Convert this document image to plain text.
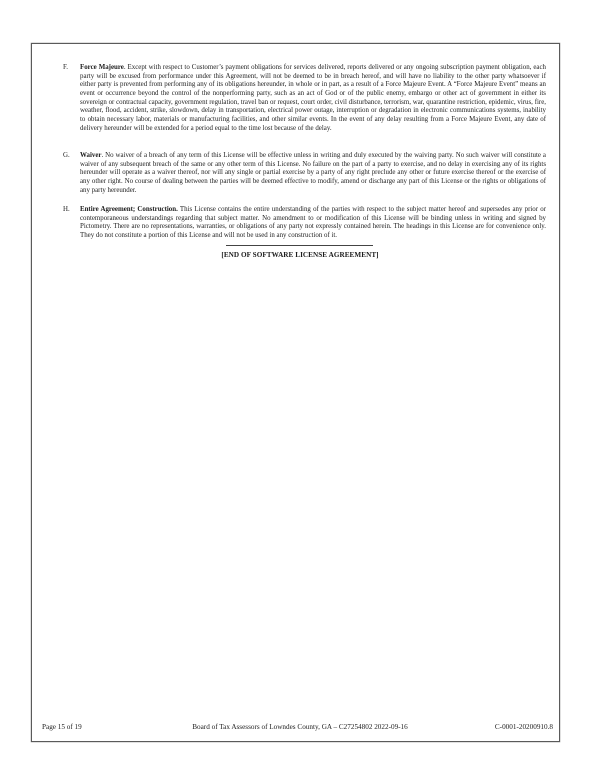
F.	Force Majeure. Except with respect to Customer’s payment obligations for services delivered, reports delivered or any ongoing subscription payment obligation, each party will be excused from performance under this Agreement, will not be deemed to be in breach hereof, and will have no liability to the other party whatsoever if either party is prevented from performing any of its obligations hereunder, in whole or in part, as a result of a Force Majeure Event. A “Force Majeure Event” means an event or occurrence beyond the control of the nonperforming party, such as an act of God or of the public enemy, embargo or other act of government in either its sovereign or contractual capacity, government regulation, travel ban or request, court order, civil disturbance, terrorism, war, quarantine restriction, epidemic, virus, fire, weather, flood, accident, strike, slowdown, delay in transportation, electrical power outage, interruption or degradation in electronic communications systems, inability to obtain necessary labor, materials or manufacturing facilities, and other similar events. In the event of any delay resulting from a Force Majeure Event, any date of delivery hereunder will be extended for a period equal to the time lost because of the delay.
G.	Waiver. No waiver of a breach of any term of this License will be effective unless in writing and duly executed by the waiving party. No such waiver will constitute a waiver of any subsequent breach of the same or any other term of this License. No failure on the part of a party to exercise, and no delay in exercising any of its rights hereunder will operate as a waiver thereof, nor will any single or partial exercise by a party of any right preclude any other or future exercise thereof or the exercise of any other right. No course of dealing between the parties will be deemed effective to modify, amend or discharge any part of this License or the rights or obligations of any party hereunder.
H.	Entire Agreement; Construction. This License contains the entire understanding of the parties with respect to the subject matter hereof and supersedes any prior or contemporaneous understandings regarding that subject matter. No amendment to or modification of this License will be binding unless in writing and signed by Pictometry. There are no representations, warranties, or obligations of any party not expressly contained herein. The headings in this License are for convenience only. They do not constitute a portion of this License and will not be used in any construction of it.
[END OF SOFTWARE LICENSE AGREEMENT]
Page 15 of 19	Board of Tax Assessors of Lowndes County, GA – C27254802 2022-09-16	C-0001-20200910.8
